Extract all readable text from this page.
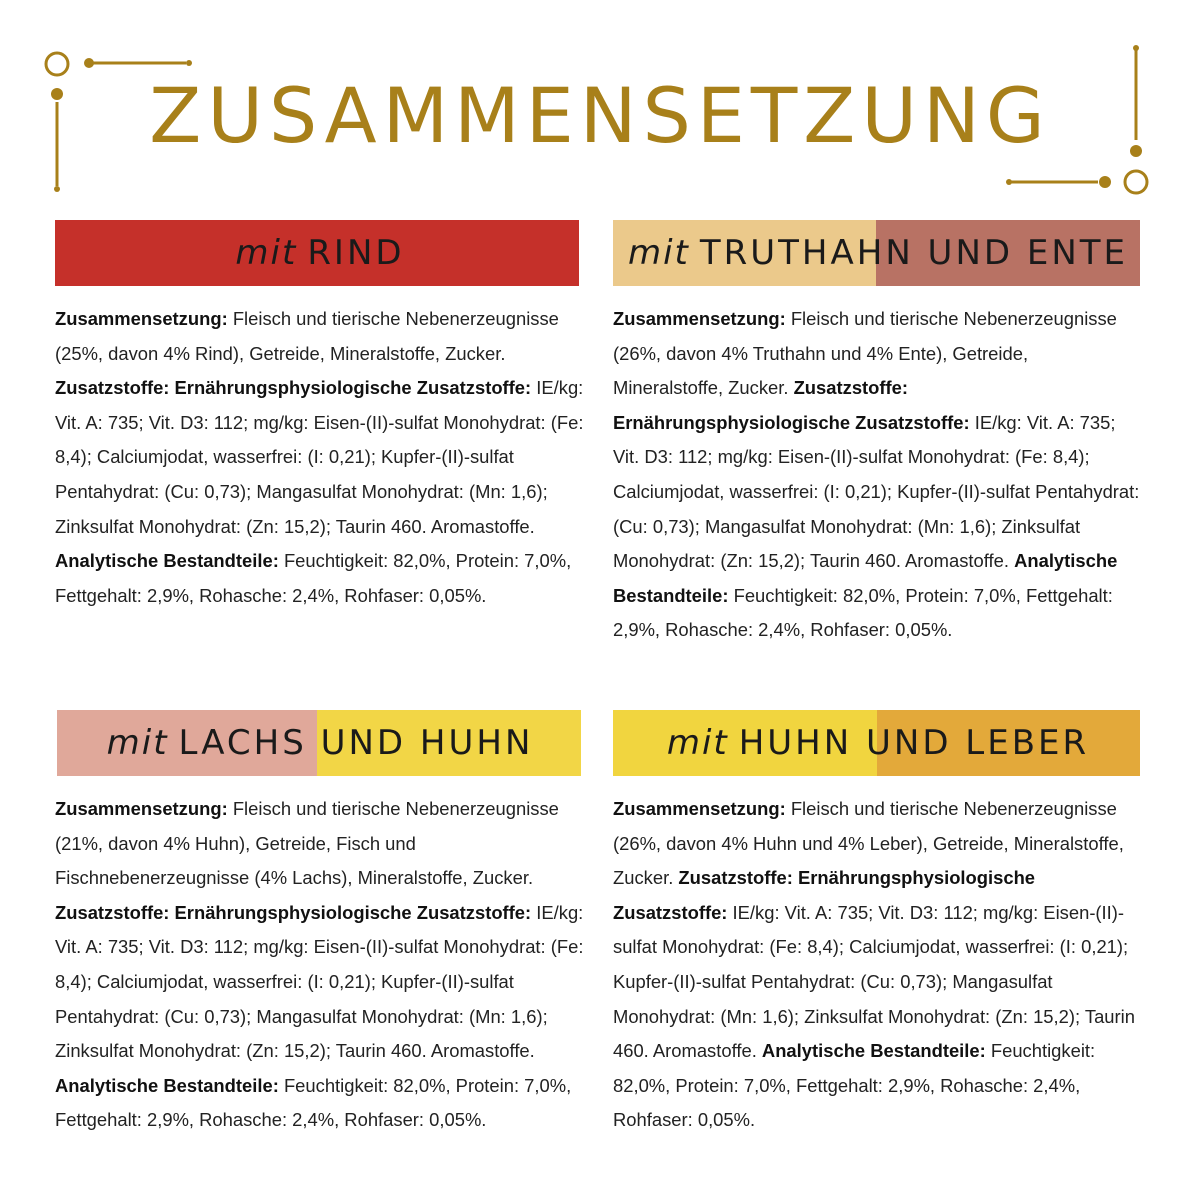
ZUSAMMENSETZUNG
mit RIND
Zusammensetzung: Fleisch und tierische Nebenerzeugnisse (25%, davon 4% Rind), Getreide, Mineralstoffe, Zucker. Zusatzstoffe: Ernährungsphysiologische Zusatzstoffe: IE/kg: Vit. A: 735; Vit. D3: 112; mg/kg: Eisen-(II)-sulfat Monohydrat: (Fe: 8,4); Calciumjodat, wasserfrei: (I: 0,21); Kupfer-(II)-sulfat Pentahydrat: (Cu: 0,73); Mangasulfat Monohydrat: (Mn: 1,6); Zinksulfat Monohydrat: (Zn: 15,2); Taurin 460. Aromastoffe. Analytische Bestandteile: Feuchtigkeit: 82,0%, Protein: 7,0%, Fettgehalt: 2,9%, Rohasche: 2,4%, Rohfaser: 0,05%.
mit TRUTHAHN UND ENTE
Zusammensetzung: Fleisch und tierische Nebenerzeugnisse (26%, davon 4% Truthahn und 4% Ente), Getreide, Mineralstoffe, Zucker. Zusatzstoffe: Ernährungsphysiologische Zusatzstoffe: IE/kg: Vit. A: 735; Vit. D3: 112; mg/kg: Eisen-(II)-sulfat Monohydrat: (Fe: 8,4); Calciumjodat, wasserfrei: (I: 0,21); Kupfer-(II)-sulfat Pentahydrat: (Cu: 0,73); Mangasulfat Monohydrat: (Mn: 1,6); Zinksulfat Monohydrat: (Zn: 15,2); Taurin 460. Aromastoffe. Analytische Bestandteile: Feuchtigkeit: 82,0%, Protein: 7,0%, Fettgehalt: 2,9%, Rohasche: 2,4%, Rohfaser: 0,05%.
mit LACHS UND HUHN
Zusammensetzung: Fleisch und tierische Nebenerzeugnisse (21%, davon 4% Huhn), Getreide, Fisch und Fischnebenerzeugnisse (4% Lachs), Mineralstoffe, Zucker. Zusatzstoffe: Ernährungsphysiologische Zusatzstoffe: IE/kg: Vit. A: 735; Vit. D3: 112; mg/kg: Eisen-(II)-sulfat Monohydrat: (Fe: 8,4); Calciumjodat, wasserfrei: (I: 0,21); Kupfer-(II)-sulfat Pentahydrat: (Cu: 0,73); Mangasulfat Monohydrat: (Mn: 1,6); Zinksulfat Monohydrat: (Zn: 15,2); Taurin 460. Aromastoffe. Analytische Bestandteile: Feuchtigkeit: 82,0%, Protein: 7,0%, Fettgehalt: 2,9%, Rohasche: 2,4%, Rohfaser: 0,05%.
mit HUHN UND LEBER
Zusammensetzung: Fleisch und tierische Nebenerzeugnisse (26%, davon 4% Huhn und 4% Leber), Getreide, Mineralstoffe, Zucker. Zusatzstoffe: Ernährungsphysiologische Zusatzstoffe: IE/kg: Vit. A: 735; Vit. D3: 112; mg/kg: Eisen-(II)-sulfat Monohydrat: (Fe: 8,4); Calciumjodat, wasserfrei: (I: 0,21); Kupfer-(II)-sulfat Pentahydrat: (Cu: 0,73); Mangasulfat Monohydrat: (Mn: 1,6); Zinksulfat Monohydrat: (Zn: 15,2); Taurin 460. Aromastoffe. Analytische Bestandteile: Feuchtigkeit: 82,0%, Protein: 7,0%, Fettgehalt: 2,9%, Rohasche: 2,4%, Rohfaser: 0,05%.
